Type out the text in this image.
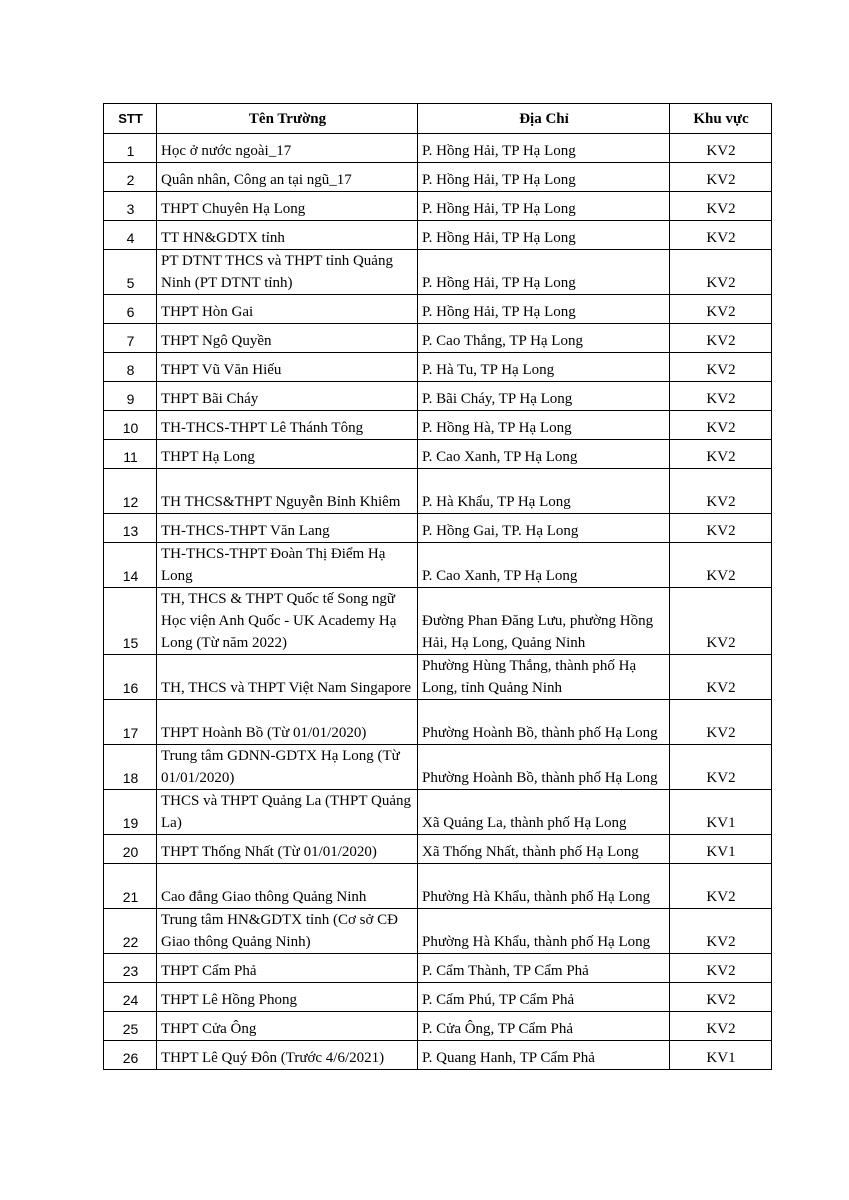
STT	Tên Trường	Địa Chỉ	Khu vực
1	Học ở nước ngoài_17	P. Hồng Hải, TP Hạ Long	KV2
2	Quân nhân, Công an tại ngũ_17	P. Hồng Hải, TP Hạ Long	KV2
3	THPT Chuyên Hạ Long	P. Hồng Hải, TP Hạ Long	KV2
4	TT HN&GDTX tỉnh	P. Hồng Hải, TP Hạ Long	KV2
5	PT DTNT THCS và THPT tỉnh Quảng Ninh (PT DTNT tỉnh)	P. Hồng Hải, TP Hạ Long	KV2
6	THPT Hòn Gai	P. Hồng Hải, TP Hạ Long	KV2
7	THPT Ngô Quyền	P. Cao Thắng, TP Hạ Long	KV2
8	THPT Vũ Văn Hiếu	P. Hà Tu, TP Hạ Long	KV2
9	THPT Bãi Cháy	P. Bãi Cháy, TP Hạ Long	KV2
10	TH-THCS-THPT Lê Thánh Tông	P. Hồng Hà, TP Hạ Long	KV2
11	THPT Hạ Long	P. Cao Xanh, TP Hạ Long	KV2
12	TH THCS&THPT Nguyễn Bỉnh Khiêm	P. Hà Khẩu, TP Hạ Long	KV2
13	TH-THCS-THPT Văn Lang	P. Hồng Gai, TP. Hạ Long	KV2
14	TH-THCS-THPT Đoàn Thị Điểm Hạ Long	P. Cao Xanh, TP Hạ Long	KV2
15	TH, THCS & THPT Quốc tế Song ngữ Học viện Anh Quốc - UK Academy Hạ Long (Từ năm 2022)	Đường Phan Đăng Lưu, phường Hồng Hải, Hạ Long, Quảng Ninh	KV2
16	TH, THCS và THPT Việt Nam Singapore	Phường Hùng Thắng, thành phố Hạ Long, tỉnh Quảng Ninh	KV2
17	THPT Hoành Bồ (Từ 01/01/2020)	Phường Hoành Bồ, thành phố Hạ Long	KV2
18	Trung tâm GDNN-GDTX Hạ Long (Từ 01/01/2020)	Phường Hoành Bồ, thành phố Hạ Long	KV2
19	THCS và THPT Quảng La (THPT Quảng La)	Xã Quảng La, thành phố Hạ Long	KV1
20	THPT Thống Nhất (Từ 01/01/2020)	Xã Thống Nhất, thành phố Hạ Long	KV1
21	Cao đẳng Giao thông Quảng Ninh	Phường Hà Khẩu, thành phố Hạ Long	KV2
22	Trung tâm HN&GDTX tỉnh (Cơ sở CĐ Giao thông Quảng Ninh)	Phường Hà Khẩu, thành phố Hạ Long	KV2
23	THPT Cẩm Phả	P. Cẩm Thành, TP Cẩm Phả	KV2
24	THPT Lê Hồng Phong	P. Cẩm Phú, TP Cẩm Phả	KV2
25	THPT Cửa Ông	P. Cửa Ông, TP Cẩm Phả	KV2
26	THPT Lê Quý Đôn (Trước 4/6/2021)	P. Quang Hanh, TP Cẩm Phả	KV1
